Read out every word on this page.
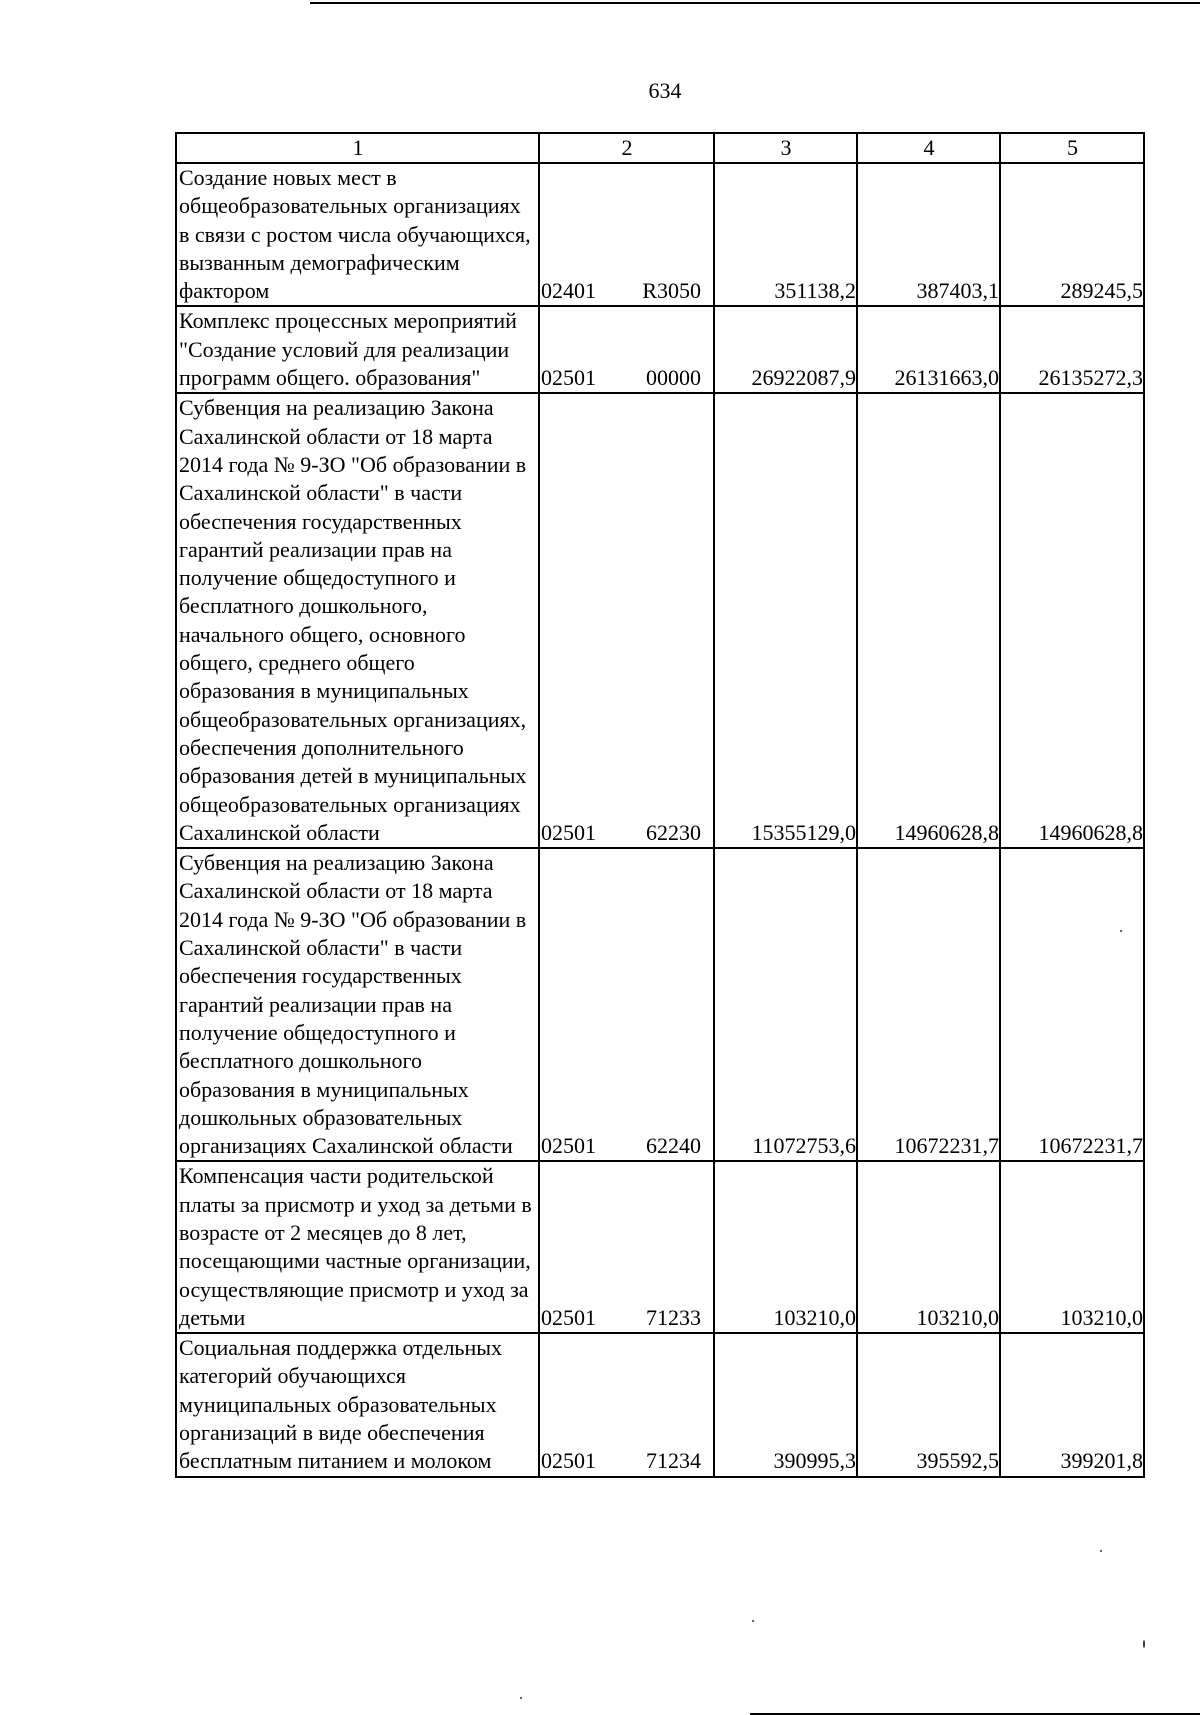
634
1	2	3	4	5
Создание новых мест в общеобразовательных организациях в связи с ростом числа обучающихся, вызванным демографическим фактором	02401 R3050	351138,2	387403,1	289245,5
Комплекс процессных мероприятий "Создание условий для реализации программ общего. образования"	02501 00000	26922087,9	26131663,0	26135272,3
Субвенция на реализацию Закона Сахалинской области от 18 марта 2014 года № 9-ЗО "Об образовании в Сахалинской области" в части обеспечения государственных гарантий реализации прав на получение общедоступного и бесплатного дошкольного, начального общего, основного общего, среднего общего образования в муниципальных общеобразовательных организациях, обеспечения дополнительного образования детей в муниципальных общеобразовательных организациях Сахалинской области	02501 62230	15355129,0	14960628,8	14960628,8
Субвенция на реализацию Закона Сахалинской области от 18 марта 2014 года № 9-ЗО "Об образовании в Сахалинской области" в части обеспечения государственных гарантий реализации прав на получение общедоступного и бесплатного дошкольного образования в муниципальных дошкольных образовательных организациях Сахалинской области	02501 62240	11072753,6	10672231,7	10672231,7
Компенсация части родительской платы за присмотр и уход за детьми в возрасте от 2 месяцев до 8 лет, посещающими частные организации, осуществляющие присмотр и уход за детьми	02501 71233	103210,0	103210,0	103210,0
Социальная поддержка отдельных категорий обучающихся муниципальных образовательных организаций в виде обеспечения бесплатным питанием и молоком	02501 71234	390995,3	395592,5	399201,8
